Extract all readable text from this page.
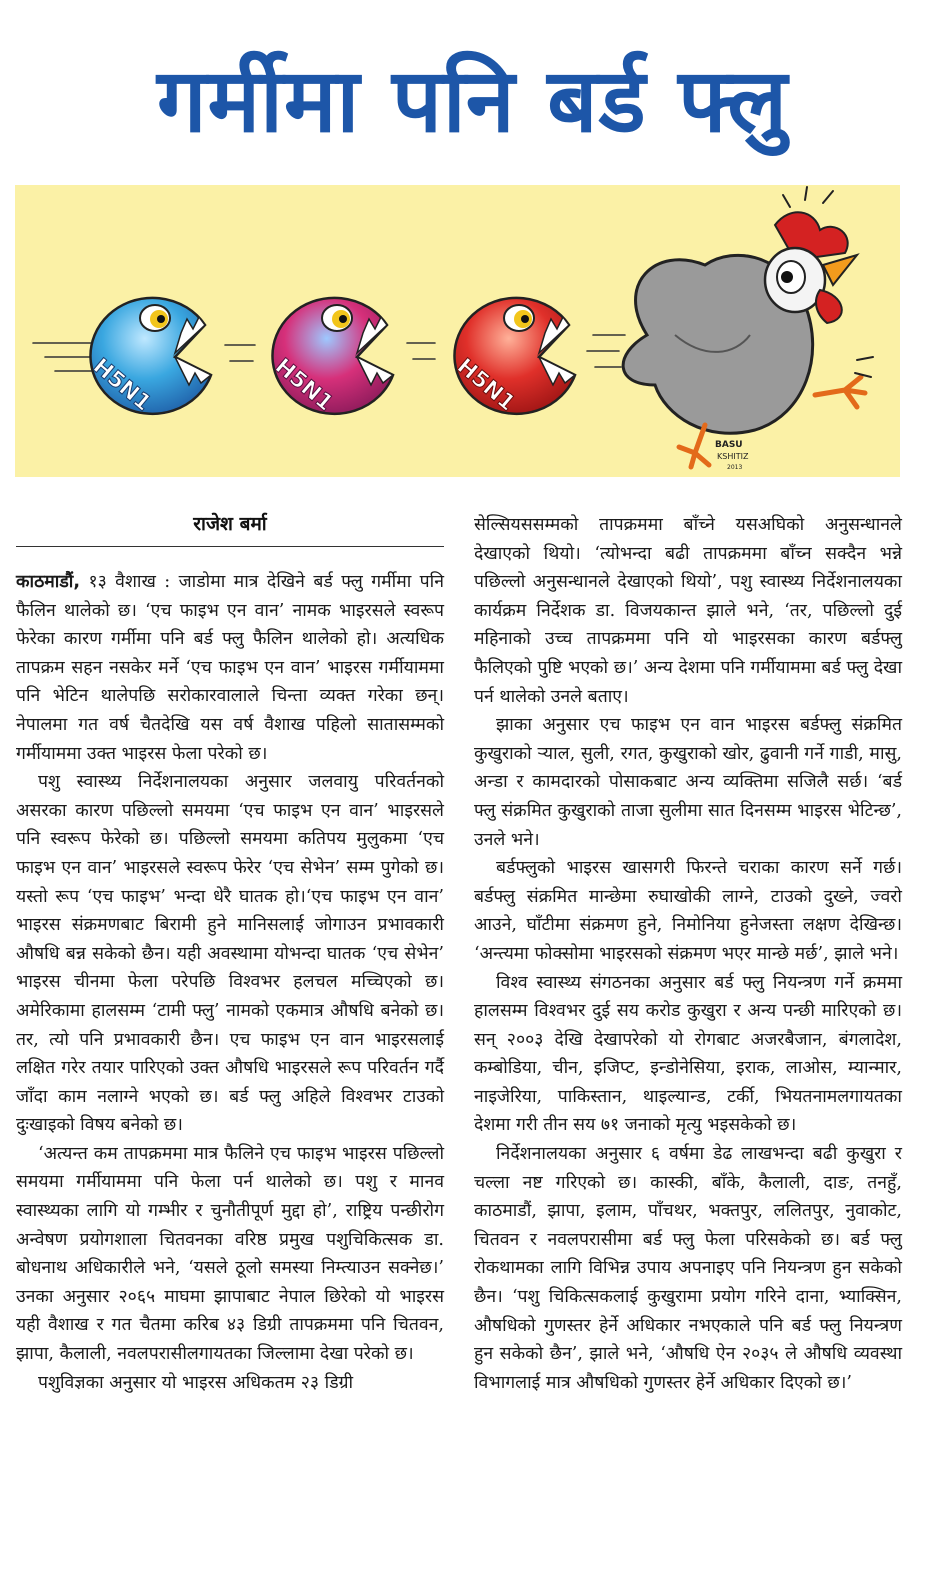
गर्मीमा पनि बर्ड फ्लु
H5N1	H5N1	H5N1
BASU
KSHITIZ
2013
राजेश बर्मा

काठमाडौं, १३ वैशाख : जाडोमा मात्र देखिने बर्ड फ्लु गर्मीमा पनि फैलिन थालेको छ। ‘एच फाइभ एन वान’ नामक भाइरसले स्वरूप फेरेका कारण गर्मीमा पनि बर्ड फ्लु फैलिन थालेको हो। अत्यधिक तापक्रम सहन नसकेर मर्ने ‘एच फाइभ एन वान’ भाइरस गर्मीयाममा पनि भेटिन थालेपछि सरोकारवालाले चिन्ता व्यक्त गरेका छन्। नेपालमा गत वर्ष चैतदेखि यस वर्ष वैशाख पहिलो सातासम्मको गर्मीयाममा उक्त भाइरस फेला परेको छ।

पशु स्वास्थ्य निर्देशनालयका अनुसार जलवायु परिवर्तनको असरका कारण पछिल्लो समयमा ‘एच फाइभ एन वान’ भाइरसले पनि स्वरूप फेरेको छ। पछिल्लो समयमा कतिपय मुलुकमा ‘एच फाइभ एन वान’ भाइरसले स्वरूप फेरेर ‘एच सेभेन’ सम्म पुगेको छ। यस्तो रूप ‘एच फाइभ’ भन्दा धेरै घातक हो।‘एच फाइभ एन वान’ भाइरस संक्रमणबाट बिरामी हुने मानिसलाई जोगाउन प्रभावकारी औषधि बन्न सकेको छैन। यही अवस्थामा योभन्दा घातक ‘एच सेभेन’ भाइरस चीनमा फेला परेपछि विश्वभर हलचल मच्चिएको छ। अमेरिकामा हालसम्म ‘टामी फ्लु’ नामको एकमात्र औषधि बनेको छ। तर, त्यो पनि प्रभावकारी छैन। एच फाइभ एन वान भाइरसलाई लक्षित गरेर तयार पारिएको उक्त औषधि भाइरसले रूप परिवर्तन गर्दै जाँदा काम नलाग्ने भएको छ। बर्ड फ्लु अहिले विश्वभर टाउको दुःखाइको विषय बनेको छ।

‘अत्यन्त कम तापक्रममा मात्र फैलिने एच फाइभ भाइरस पछिल्लो समयमा गर्मीयाममा पनि फेला पर्न थालेको छ। पशु र मानव स्वास्थ्यका लागि यो गम्भीर र चुनौतीपूर्ण मुद्दा हो’, राष्ट्रिय पन्छीरोग अन्वेषण प्रयोगशाला चितवनका वरिष्ठ प्रमुख पशुचिकित्सक डा. बोधनाथ अधिकारीले भने, ‘यसले ठूलो समस्या निम्त्याउन सक्नेछ।’ उनका अनुसार २०६५ माघमा झापाबाट नेपाल छिरेको यो भाइरस यही वैशाख र गत चैतमा करिब ४३ डिग्री तापक्रममा पनि चितवन, झापा, कैलाली, नवलपरासीलगायतका जिल्लामा देखा परेको छ।

पशुविज्ञका अनुसार यो भाइरस अधिकतम २३ डिग्री

सेल्सियससम्मको तापक्रममा बाँच्ने यसअघिको अनुसन्धानले देखाएको थियो। ‘त्योभन्दा बढी तापक्रममा बाँच्न सक्दैन भन्ने पछिल्लो अनुसन्धानले देखाएको थियो’, पशु स्वास्थ्य निर्देशनालयका कार्यक्रम निर्देशक डा. विजयकान्त झाले भने, ‘तर, पछिल्लो दुई महिनाको उच्च तापक्रममा पनि यो भाइरसका कारण बर्डफ्लु फैलिएको पुष्टि भएको छ।’ अन्य देशमा पनि गर्मीयाममा बर्ड फ्लु देखा पर्न थालेको उनले बताए।

झाका अनुसार एच फाइभ एन वान भाइरस बर्डफ्लु संक्रमित कुखुराको र्‍याल, सुली, रगत, कुखुराको खोर, ढुवानी गर्ने गाडी, मासु, अन्डा र कामदारको पोसाकबाट अन्य व्यक्तिमा सजिलै सर्छ। ‘बर्ड फ्लु संक्रमित कुखुराको ताजा सुलीमा सात दिनसम्म भाइरस भेटिन्छ’, उनले भने।

बर्डफ्लुको भाइरस खासगरी फिरन्ते चराका कारण सर्ने गर्छ। बर्डफ्लु संक्रमित मान्छेमा रुघाखोकी लाग्ने, टाउको दुख्ने, ज्वरो आउने, घाँटीमा संक्रमण हुने, निमोनिया हुनेजस्ता लक्षण देखिन्छ। ‘अन्त्यमा फोक्सोमा भाइरसको संक्रमण भएर मान्छे मर्छ’, झाले भने।

विश्व स्वास्थ्य संगठनका अनुसार बर्ड फ्लु नियन्त्रण गर्ने क्रममा हालसम्म विश्वभर दुई सय करोड कुखुरा र अन्य पन्छी मारिएको छ। सन् २००३ देखि देखापरेको यो रोगबाट अजरबैजान, बंगलादेश, कम्बोडिया, चीन, इजिप्ट, इन्डोनेसिया, इराक, लाओस, म्यान्मार, नाइजेरिया, पाकिस्तान, थाइल्यान्ड, टर्की, भियतनामलगायतका देशमा गरी तीन सय ७१ जनाको मृत्यु भइसकेको छ।

निर्देशनालयका अनुसार ६ वर्षमा डेढ लाखभन्दा बढी कुखुरा र चल्ला नष्ट गरिएको छ। कास्की, बाँके, कैलाली, दाङ, तनहुँ, काठमाडौं, झापा, इलाम, पाँचथर, भक्तपुर, ललितपुर, नुवाकोट, चितवन र नवलपरासीमा बर्ड फ्लु फेला परिसकेको छ। बर्ड फ्लु रोकथामका लागि विभिन्न उपाय अपनाइए पनि नियन्त्रण हुन सकेको छैन। ‘पशु चिकित्सकलाई कुखुरामा प्रयोग गरिने दाना, भ्याक्सिन, औषधिको गुणस्तर हेर्ने अधिकार नभएकाले पनि बर्ड फ्लु नियन्त्रण हुन सकेको छैन’, झाले भने, ‘औषधि ऐन २०३५ ले औषधि व्यवस्था विभागलाई मात्र औषधिको गुणस्तर हेर्ने अधिकार दिएको छ।’
